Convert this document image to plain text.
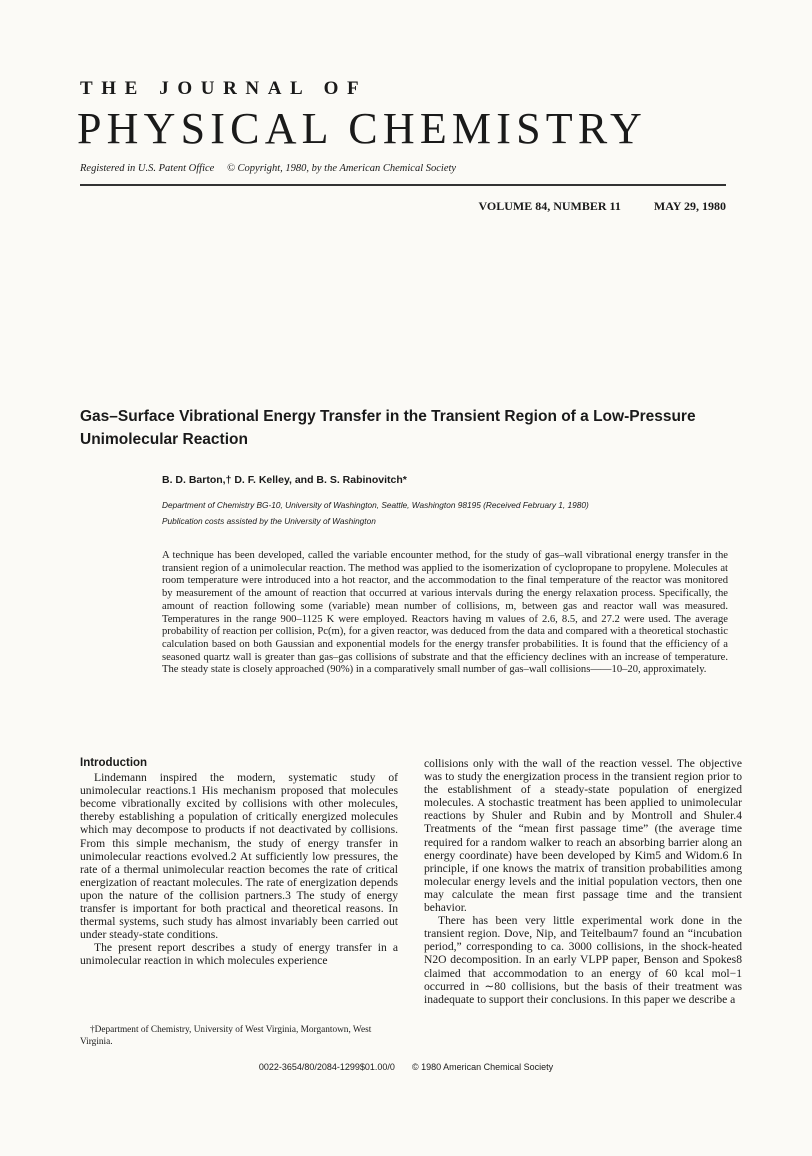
THE JOURNAL OF
PHYSICAL CHEMISTRY
Registered in U.S. Patent Office © Copyright, 1980, by the American Chemical Society
VOLUME 84, NUMBER 11	MAY 29, 1980
Gas–Surface Vibrational Energy Transfer in the Transient Region of a Low-Pressure Unimolecular Reaction
B. D. Barton,† D. F. Kelley, and B. S. Rabinovitch*
Department of Chemistry BG-10, University of Washington, Seattle, Washington 98195 (Received February 1, 1980)
Publication costs assisted by the University of Washington
A technique has been developed, called the variable encounter method, for the study of gas–wall vibrational energy transfer in the transient region of a unimolecular reaction. The method was applied to the isomerization of cyclopropane to propylene. Molecules at room temperature were introduced into a hot reactor, and the accommodation to the final temperature of the reactor was monitored by measurement of the amount of reaction that occurred at various intervals during the energy relaxation process. Specifically, the amount of reaction following some (variable) mean number of collisions, m, between gas and reactor wall was measured. Temperatures in the range 900–1125 K were employed. Reactors having m values of 2.6, 8.5, and 27.2 were used. The average probability of reaction per collision, Pc(m), for a given reactor, was deduced from the data and compared with a theoretical stochastic calculation based on both Gaussian and exponential models for the energy transfer probabilities. It is found that the efficiency of a seasoned quartz wall is greater than gas–gas collisions of substrate and that the efficiency declines with an increase of temperature. The steady state is closely approached (90%) in a comparatively small number of gas–wall collisions——10–20, approximately.
Introduction

Lindemann inspired the modern, systematic study of unimolecular reactions.1 His mechanism proposed that molecules become vibrationally excited by collisions with other molecules, thereby establishing a population of critically energized molecules which may decompose to products if not deactivated by collisions. From this simple mechanism, the study of energy transfer in unimolecular reactions evolved.2 At sufficiently low pressures, the rate of a thermal unimolecular reaction becomes the rate of critical energization of reactant molecules. The rate of energization depends upon the nature of the collision partners.3 The study of energy transfer is important for both practical and theoretical reasons. In thermal systems, such study has almost invariably been carried out under steady-state conditions.

The present report describes a study of energy transfer in a unimolecular reaction in which molecules experience

†Department of Chemistry, University of West Virginia, Morgantown, West Virginia.

collisions only with the wall of the reaction vessel. The objective was to study the energization process in the transient region prior to the establishment of a steady-state population of energized molecules. A stochastic treatment has been applied to unimolecular reactions by Shuler and Rubin and by Montroll and Shuler.4 Treatments of the “mean first passage time” (the average time required for a random walker to reach an absorbing barrier along an energy coordinate) have been developed by Kim5 and Widom.6 In principle, if one knows the matrix of transition probabilities among molecular energy levels and the initial population vectors, then one may calculate the mean first passage time and the transient behavior.

There has been very little experimental work done in the transient region. Dove, Nip, and Teitelbaum7 found an “incubation period,” corresponding to ca. 3000 collisions, in the shock-heated N2O decomposition. In an early VLPP paper, Benson and Spokes8 claimed that accommodation to an energy of 60 kcal mol−1 occurred in ∼80 collisions, but the basis of their treatment was inadequate to support their conclusions. In this paper we describe a

0022-3654/80/2084-1299$01.00/0 © 1980 American Chemical Society
